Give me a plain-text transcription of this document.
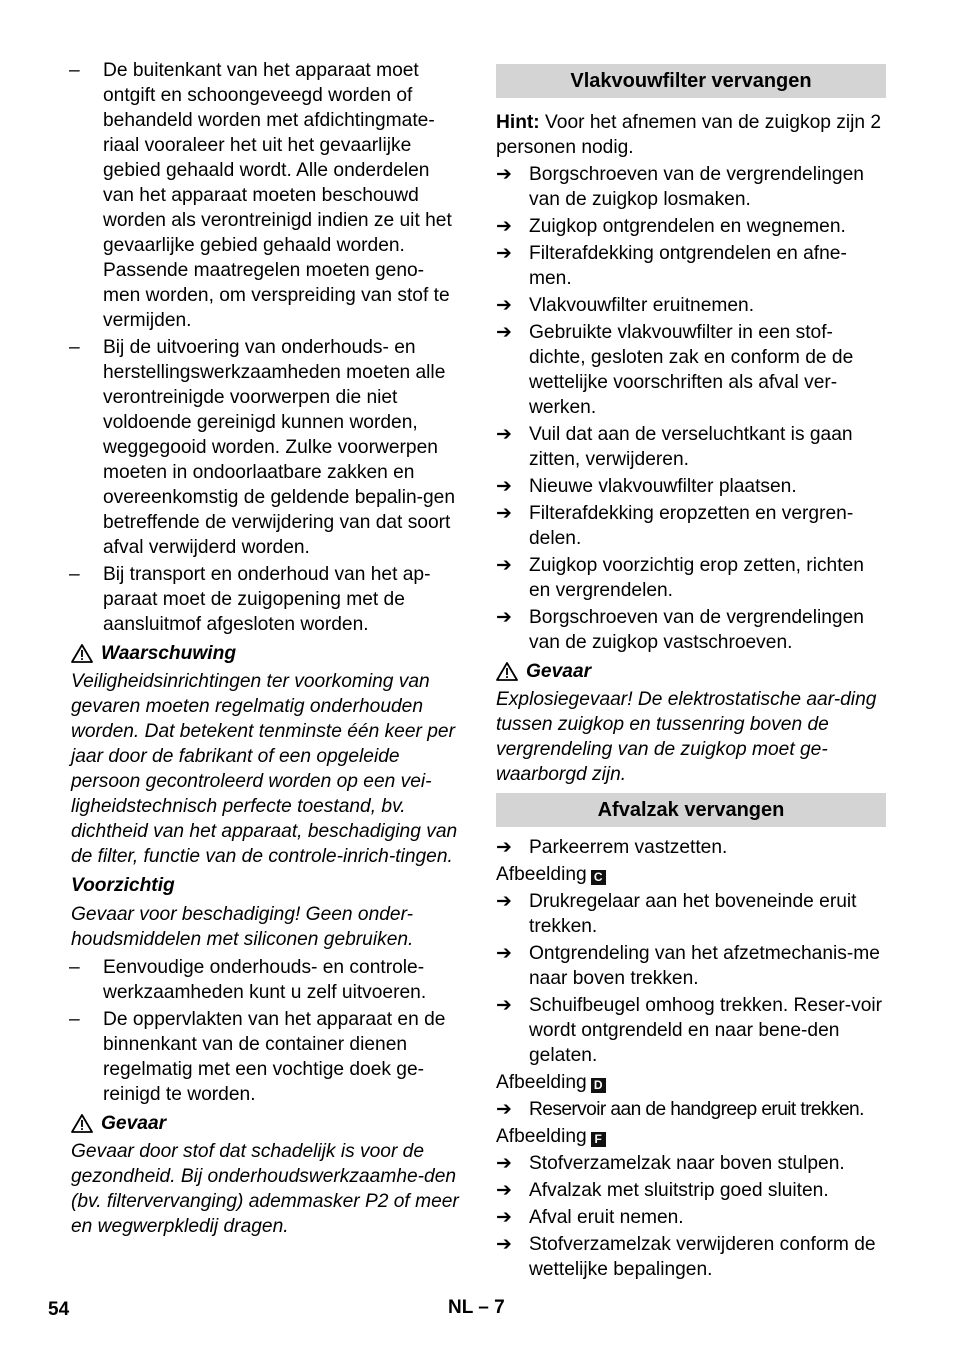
– De buitenkant van het apparaat moet ontgift en schoongeveegd worden of behandeld worden met afdichtingmate-riaal vooraleer het uit het gevaarlijke gebied gehaald wordt. Alle onderdelen van het apparaat moeten beschouwd worden als verontreinigd indien ze uit het gevaarlijke gebied gehaald worden. Passende maatregelen moeten geno-men worden, om verspreiding van stof te vermijden.
– Bij de uitvoering van onderhouds- en herstellingswerkzaamheden moeten alle verontreinigde voorwerpen die niet voldoende gereinigd kunnen worden, weggegooid worden. Zulke voorwerpen moeten in ondoorlaatbare zakken en overeenkomstig de geldende bepalin-gen betreffende de verwijdering van dat soort afval verwijderd worden.
– Bij transport en onderhoud van het ap-paraat moet de zuigopening met de aansluitmof afgesloten worden.
Waarschuwing
Veiligheidsinrichtingen ter voorkoming van gevaren moeten regelmatig onderhouden worden. Dat betekent tenminste één keer per jaar door de fabrikant of een opgeleide persoon gecontroleerd worden op een vei-ligheidstechnisch perfecte toestand, bv. dichtheid van het apparaat, beschadiging van de filter, functie van de controle-inrich-tingen.
Voorzichtig
Gevaar voor beschadiging! Geen onder-houdsmiddelen met siliconen gebruiken.
– Eenvoudige onderhouds- en controle-werkzaamheden kunt u zelf uitvoeren.
– De oppervlakten van het apparaat en de binnenkant van de container dienen regelmatig met een vochtige doek ge-reinigd te worden.
Gevaar
Gevaar door stof dat schadelijk is voor de gezondheid. Bij onderhoudswerkzaamhe-den (bv. filtervervanging) ademmasker P2 of meer en wegwerpkledij dragen.
Vlakvouwfilter vervangen
Hint: Voor het afnemen van de zuigkop zijn 2 personen nodig.
➔ Borgschroeven van de vergrendelingen van de zuigkop losmaken.
➔ Zuigkop ontgrendelen en wegnemen.
➔ Filterafdekking ontgrendelen en afne-men.
➔ Vlakvouwfilter eruitnemen.
➔ Gebruikte vlakvouwfilter in een stof-dichte, gesloten zak en conform de de wettelijke voorschriften als afval ver-werken.
➔ Vuil dat aan de verseluchtkant is gaan zitten, verwijderen.
➔ Nieuwe vlakvouwfilter plaatsen.
➔ Filterafdekking eropzetten en vergren-delen.
➔ Zuigkop voorzichtig erop zetten, richten en vergrendelen.
➔ Borgschroeven van de vergrendelingen van de zuigkop vastschroeven.
Gevaar
Explosiegevaar! De elektrostatische aar-ding tussen zuigkop en tussenring boven de vergrendeling van de zuigkop moet ge-waarborgd zijn.
Afvalzak vervangen
➔ Parkeerrem vastzetten.
Afbeelding C
➔ Drukregelaar aan het boveneinde eruit trekken.
➔ Ontgrendeling van het afzetmechanis-me naar boven trekken.
➔ Schuifbeugel omhoog trekken. Reser-voir wordt ontgrendeld en naar bene-den gelaten.
Afbeelding D
➔ Reservoir aan de handgreep eruit trekken.
Afbeelding F
➔ Stofverzamelzak naar boven stulpen.
➔ Afvalzak met sluitstrip goed sluiten.
➔ Afval eruit nemen.
➔ Stofverzamelzak verwijderen conform de wettelijke bepalingen.
54	NL – 7
